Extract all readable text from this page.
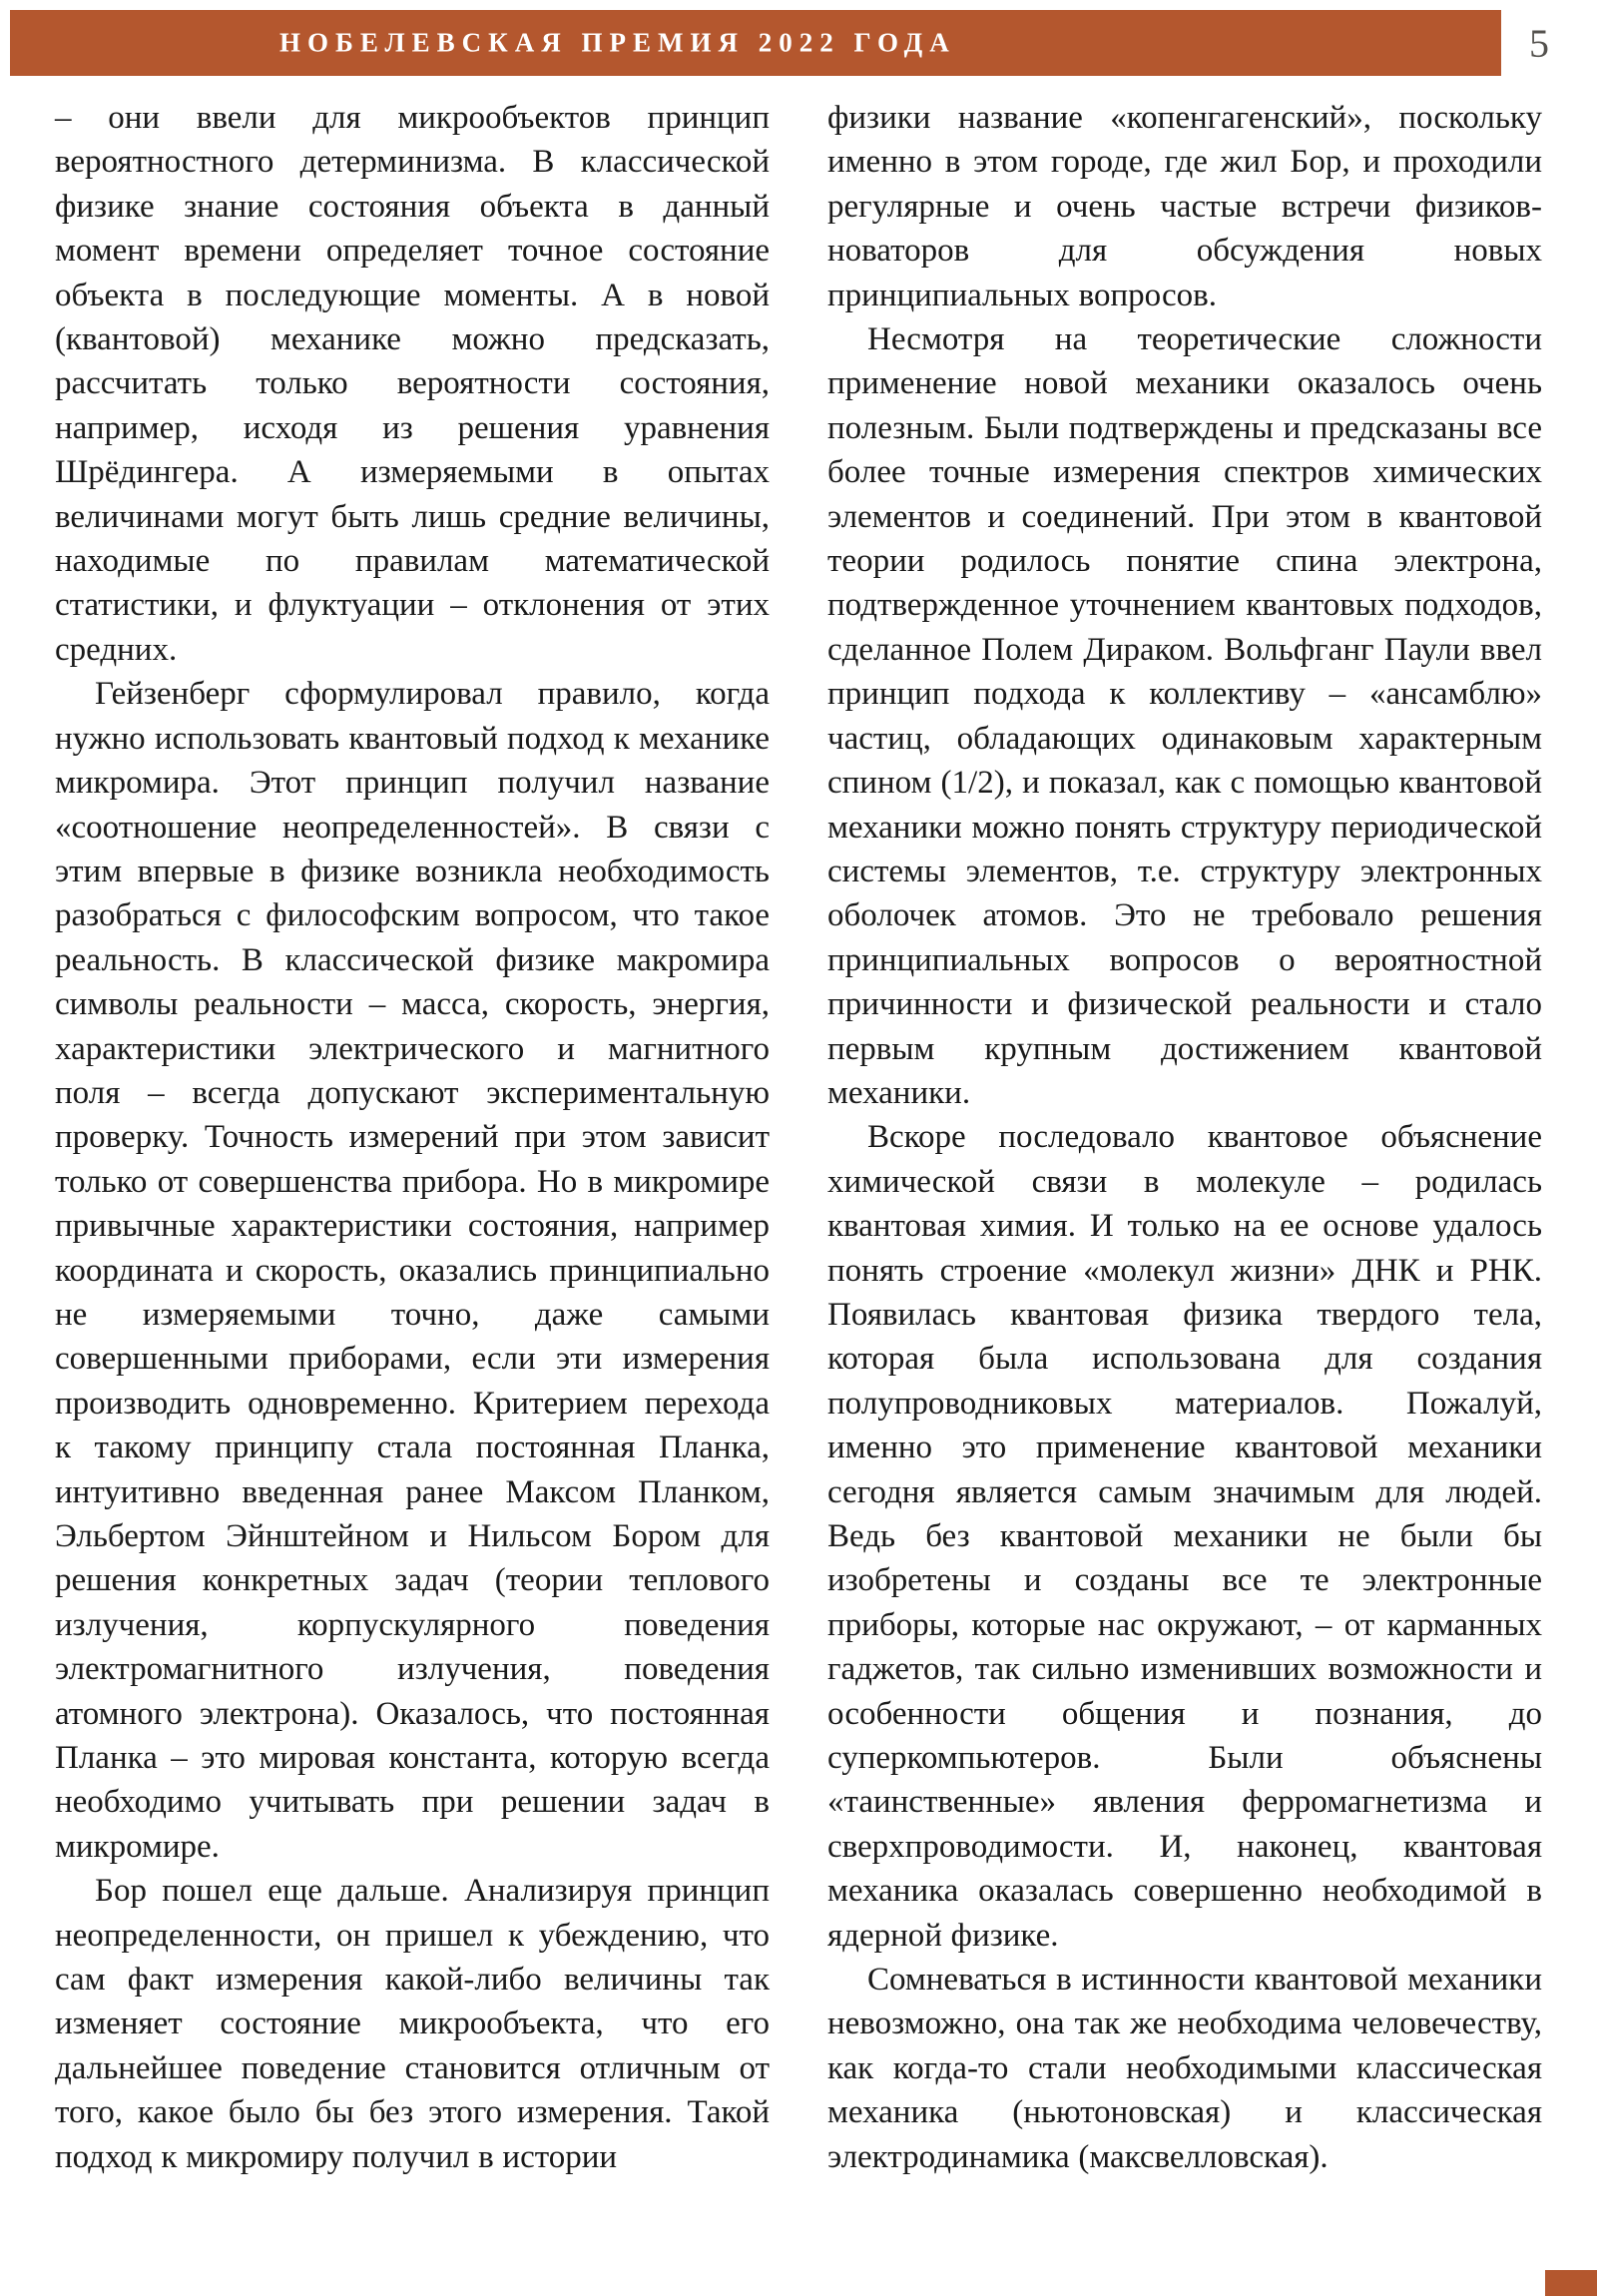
НОБЕЛЕВСКАЯ ПРЕМИЯ 2022 ГОДА	5

– они ввели для микрообъектов принцип вероятностного детерминизма. В классической физике знание состояния объекта в данный момент времени определяет точное состояние объекта в последующие моменты. А в новой (квантовой) механике можно предсказать, рассчитать только вероятности состояния, например, исходя из решения уравнения Шрёдингера. А измеряемыми в опытах величинами могут быть лишь средние величины, находимые по правилам математической статистики, и флуктуации – отклонения от этих средних.

Гейзенберг сформулировал правило, когда нужно использовать квантовый подход к механике микромира. Этот принцип получил название «соотношение неопределенностей». В связи с этим впервые в физике возникла необходимость разобраться с философским вопросом, что такое реальность. В классической физике макромира символы реальности – масса, скорость, энергия, характеристики электрического и магнитного поля – всегда допускают экспериментальную проверку. Точность измерений при этом зависит только от совершенства прибора. Но в микромире привычные характеристики состояния, например координата и скорость, оказались принципиально не измеряемыми точно, даже самыми совершенными приборами, если эти измерения производить одновременно. Критерием перехода к такому принципу стала постоянная Планка, интуитивно введенная ранее Максом Планком, Эльбертом Эйнштейном и Нильсом Бором для решения конкретных задач (теории теплового излучения, корпускулярного поведения электромагнитного излучения, поведения атомного электрона). Оказалось, что постоянная Планка – это мировая константа, которую всегда необходимо учитывать при решении задач в микромире.

Бор пошел еще дальше. Анализируя принцип неопределенности, он пришел к убеждению, что сам факт измерения какой-либо величины так изменяет состояние микрообъекта, что его дальнейшее поведение становится отличным от того, какое было бы без этого измерения. Такой подход к микромиру получил в истории

физики название «копенгагенский», поскольку именно в этом городе, где жил Бор, и проходили регулярные и очень частые встречи физиков-новаторов для обсуждения новых принципиальных вопросов.

Несмотря на теоретические сложности применение новой механики оказалось очень полезным. Были подтверждены и предсказаны все более точные измерения спектров химических элементов и соединений. При этом в квантовой теории родилось понятие спина электрона, подтвержденное уточнением квантовых подходов, сделанное Полем Дираком. Вольфганг Паули ввел принцип подхода к коллективу – «ансамблю» частиц, обладающих одинаковым характерным спином (1/2), и показал, как с помощью квантовой механики можно понять структуру периодической системы элементов, т.е. структуру электронных оболочек атомов. Это не требовало решения принципиальных вопросов о вероятностной причинности и физической реальности и стало первым крупным достижением квантовой механики.

Вскоре последовало квантовое объяснение химической связи в молекуле – родилась квантовая химия. И только на ее основе удалось понять строение «молекул жизни» ДНК и РНК. Появилась квантовая физика твердого тела, которая была использована для создания полупроводниковых материалов. Пожалуй, именно это применение квантовой механики сегодня является самым значимым для людей. Ведь без квантовой механики не были бы изобретены и созданы все те электронные приборы, которые нас окружают, – от карманных гаджетов, так сильно изменивших возможности и особенности общения и познания, до суперкомпьютеров. Были объяснены «таинственные» явления ферромагнетизма и сверхпроводимости. И, наконец, квантовая механика оказалась совершенно необходимой в ядерной физике.

Сомневаться в истинности квантовой механики невозможно, она так же необходима человечеству, как когда-то стали необходимыми классическая механика (ньютоновская) и классическая электродинамика (максвелловская).
